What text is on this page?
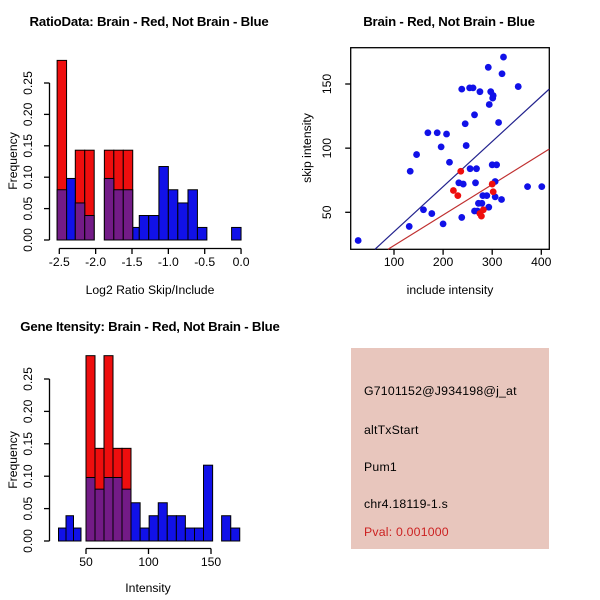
RatioData: Brain - Red, Not Brain - Blue
Log2 Ratio Skip/Include
Frequency
0.00
0.05
0.10
0.15
0.20
0.25
-2.5 -2.0 -1.5 -1.0 -0.5 0.0
Brain - Red, Not Brain - Blue
include intensity
skip intensity
100 200 300 400
50
100
150
Gene Itensity: Brain - Red, Not Brain - Blue
Intensity
Frequency
0.00
0.05
0.10
0.15
0.20
0.25
50	100	150
G7101152@J934198@j_at
altTxStart
Pum1
chr4.18119-1.s
Pval: 0.001000
